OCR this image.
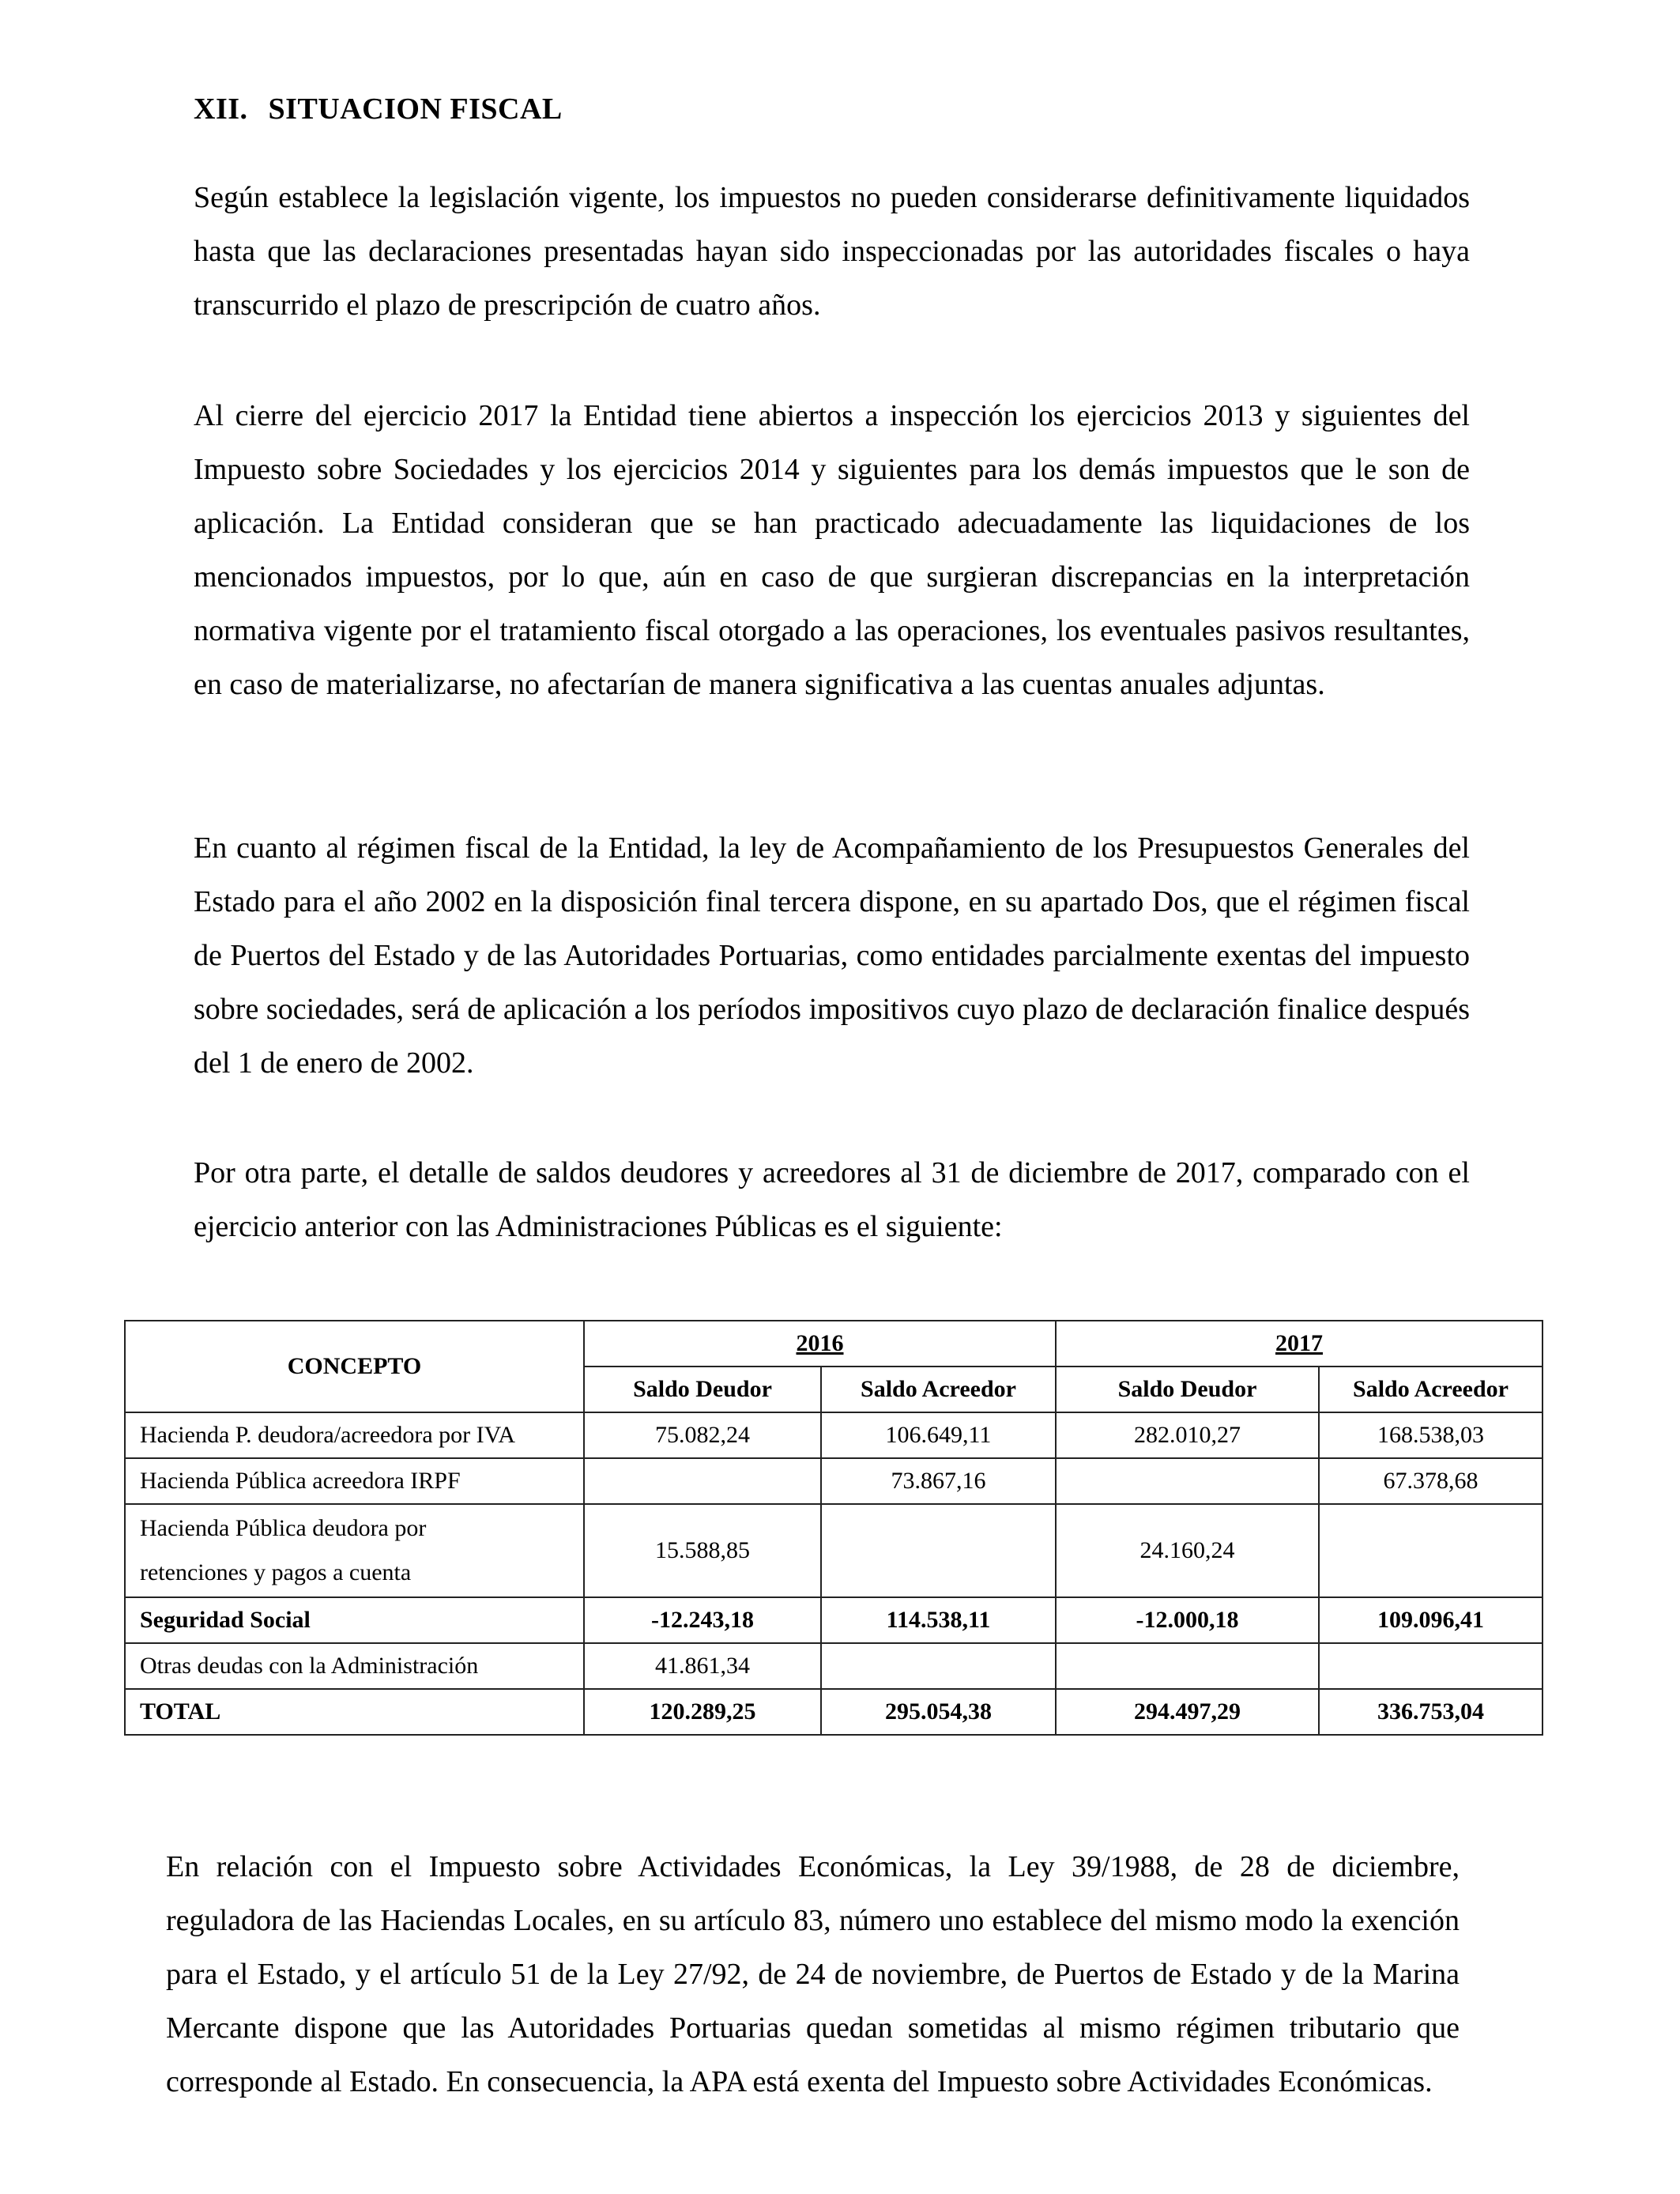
XII. SITUACION FISCAL

Según establece la legislación vigente, los impuestos no pueden considerarse definitivamente liquidados hasta que las declaraciones presentadas hayan sido inspeccionadas por las autoridades fiscales o haya transcurrido el plazo de prescripción de cuatro años.

Al cierre del ejercicio 2017 la Entidad tiene abiertos a inspección los ejercicios 2013 y siguientes del Impuesto sobre Sociedades y los ejercicios 2014 y siguientes para los demás impuestos que le son de aplicación. La Entidad consideran que se han practicado adecuadamente las liquidaciones de los mencionados impuestos, por lo que, aún en caso de que surgieran discrepancias en la interpretación normativa vigente por el tratamiento fiscal otorgado a las operaciones, los eventuales pasivos resultantes, en caso de materializarse, no afectarían de manera significativa a las cuentas anuales adjuntas.

En cuanto al régimen fiscal de la Entidad, la ley de Acompañamiento de los Presupuestos Generales del Estado para el año 2002 en la disposición final tercera dispone, en su apartado Dos, que el régimen fiscal de Puertos del Estado y de las Autoridades Portuarias, como entidades parcialmente exentas del impuesto sobre sociedades, será de aplicación a los períodos impositivos cuyo plazo de declaración finalice después del 1 de enero de 2002.

Por otra parte, el detalle de saldos deudores y acreedores al 31 de diciembre de 2017, comparado con el ejercicio anterior con las Administraciones Públicas es el siguiente:

CONCEPTO	2016		2017	
	Saldo Deudor	Saldo Acreedor	Saldo Deudor	Saldo Acreedor
Hacienda P. deudora/acreedora por IVA	75.082,24	106.649,11	282.010,27	168.538,03
Hacienda Pública acreedora IRPF		73.867,16		67.378,68

Hacienda Pública deudora por
retenciones y pagos a cuenta	15.588,85		24.160,24	
Seguridad Social	-12.243,18	114.538,11	-12.000,18	109.096,41
Otras deudas con la Administración	41.861,34			
TOTAL	120.289,25	295.054,38	294.497,29	336.753,04

En relación con el Impuesto sobre Actividades Económicas, la Ley 39/1988, de 28 de diciembre, reguladora de las Haciendas Locales, en su artículo 83, número uno establece del mismo modo la exención para el Estado, y el artículo 51 de la Ley 27/92, de 24 de noviembre, de Puertos de Estado y de la Marina Mercante dispone que las Autoridades Portuarias quedan sometidas al mismo régimen tributario que corresponde al Estado. En consecuencia, la APA está exenta del Impuesto sobre Actividades Económicas.
